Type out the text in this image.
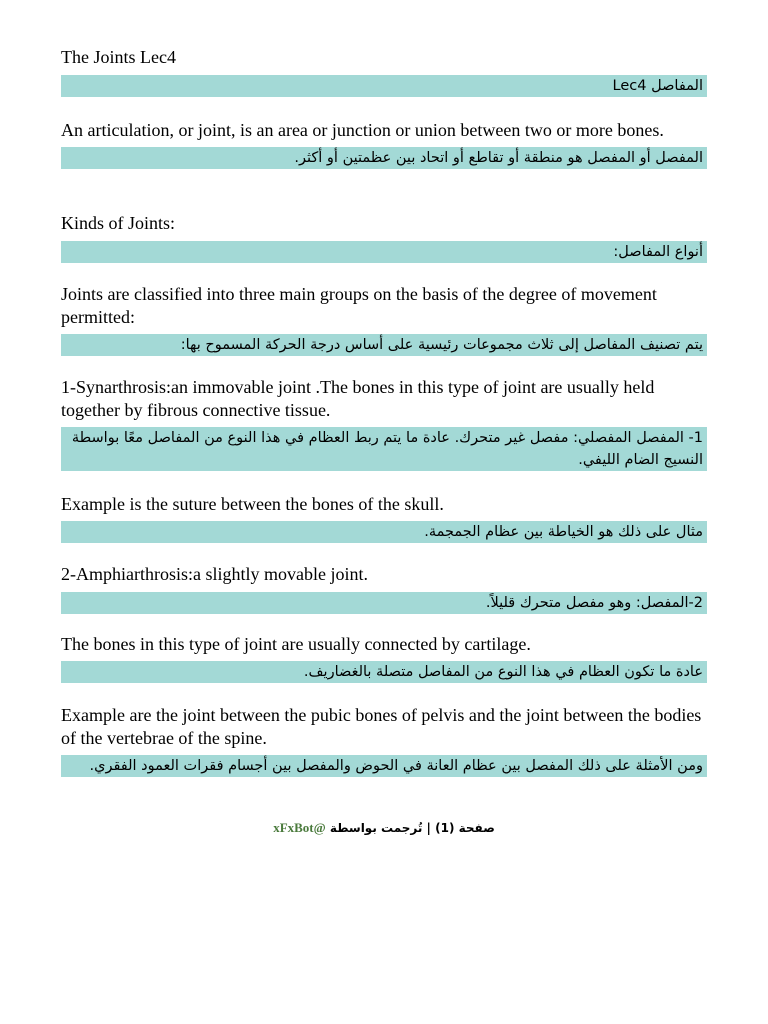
The Joints Lec4

المفاصل Lec4

An articulation, or joint, is an area or junction or union between two or more bones.

المفصل أو المفصل هو منطقة أو تقاطع أو اتحاد بين عظمتين أو أكثر.

Kinds of Joints:

أنواع المفاصل:

Joints are classified into three main groups on the basis of the degree of movement permitted:

يتم تصنيف المفاصل إلى ثلاث مجموعات رئيسية على أساس درجة الحركة المسموح بها:

1-Synarthrosis:an immovable joint .The bones in this type of joint are usually held together by fibrous connective tissue.

1- المفصل المفصلي: مفصل غير متحرك. عادة ما يتم ربط العظام في هذا النوع من المفاصل معًا بواسطة النسيج الضام الليفي.

Example is the suture between the bones of the skull.

مثال على ذلك هو الخياطة بين عظام الجمجمة.

2-Amphiarthrosis:a slightly movable joint.

2-المفصل: وهو مفصل متحرك قليلاً.

The bones in this type of joint are usually connected by cartilage.

عادة ما تكون العظام في هذا النوع من المفاصل متصلة بالغضاريف.

Example are the joint between the pubic bones of pelvis and the joint between the bodies of the vertebrae of the spine.

ومن الأمثلة على ذلك المفصل بين عظام العانة في الحوض والمفصل بين أجسام فقرات العمود الفقري.

صفحة (1) | تُرجمت بواسطة @xFxBot
